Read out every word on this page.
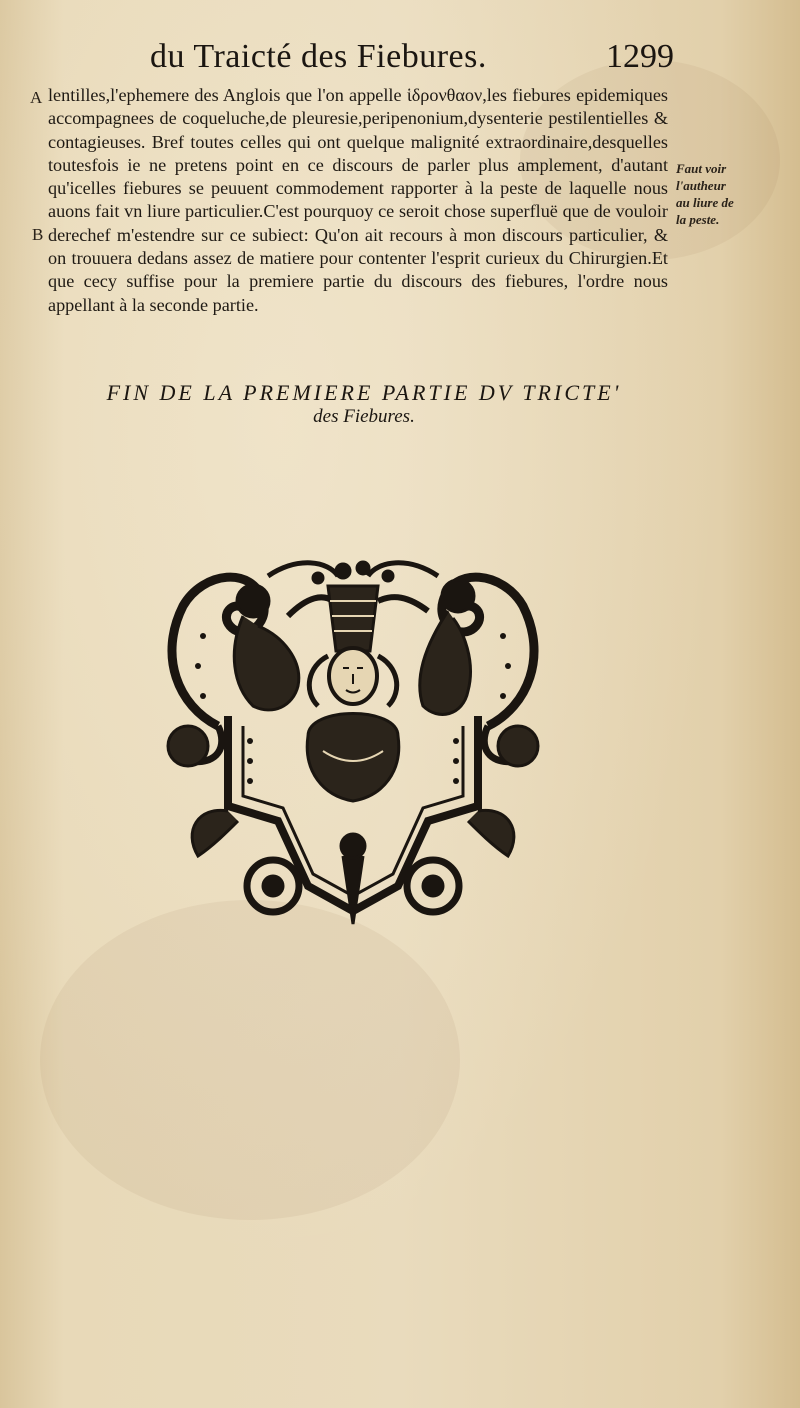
du Traicté des Fiebures.	1299
A
B

lentilles,l'ephemere des Anglois que l'on appelle ἱδρονθαον,les fiebures epidemiques accompagnees de coqueluche,de pleuresie,peripenonium,dysenterie pestilentielles & contagieuses. Bref toutes celles qui ont quelque malignité extraordinaire,desquelles toutesfois ie ne pretens point en ce discours de parler plus amplement, d'autant qu'icelles fiebures se peuuent commodement rapporter à la peste de laquelle nous auons fait vn liure particulier.C'est pourquoy ce seroit chose superfluë que de vouloir derechef m'estendre sur ce subiect: Qu'on ait recours à mon discours particulier, & on trouuera dedans assez de matiere pour contenter l'esprit curieux du Chirurgien.Et que cecy suffise pour la premiere partie du discours des fiebures, l'ordre nous appellant à la seconde partie.

Faut voir
l'autheur
au liure de
la peste.
FIN DE LA PREMIERE PARTIE DV TRICTE'
des Fiebures.
